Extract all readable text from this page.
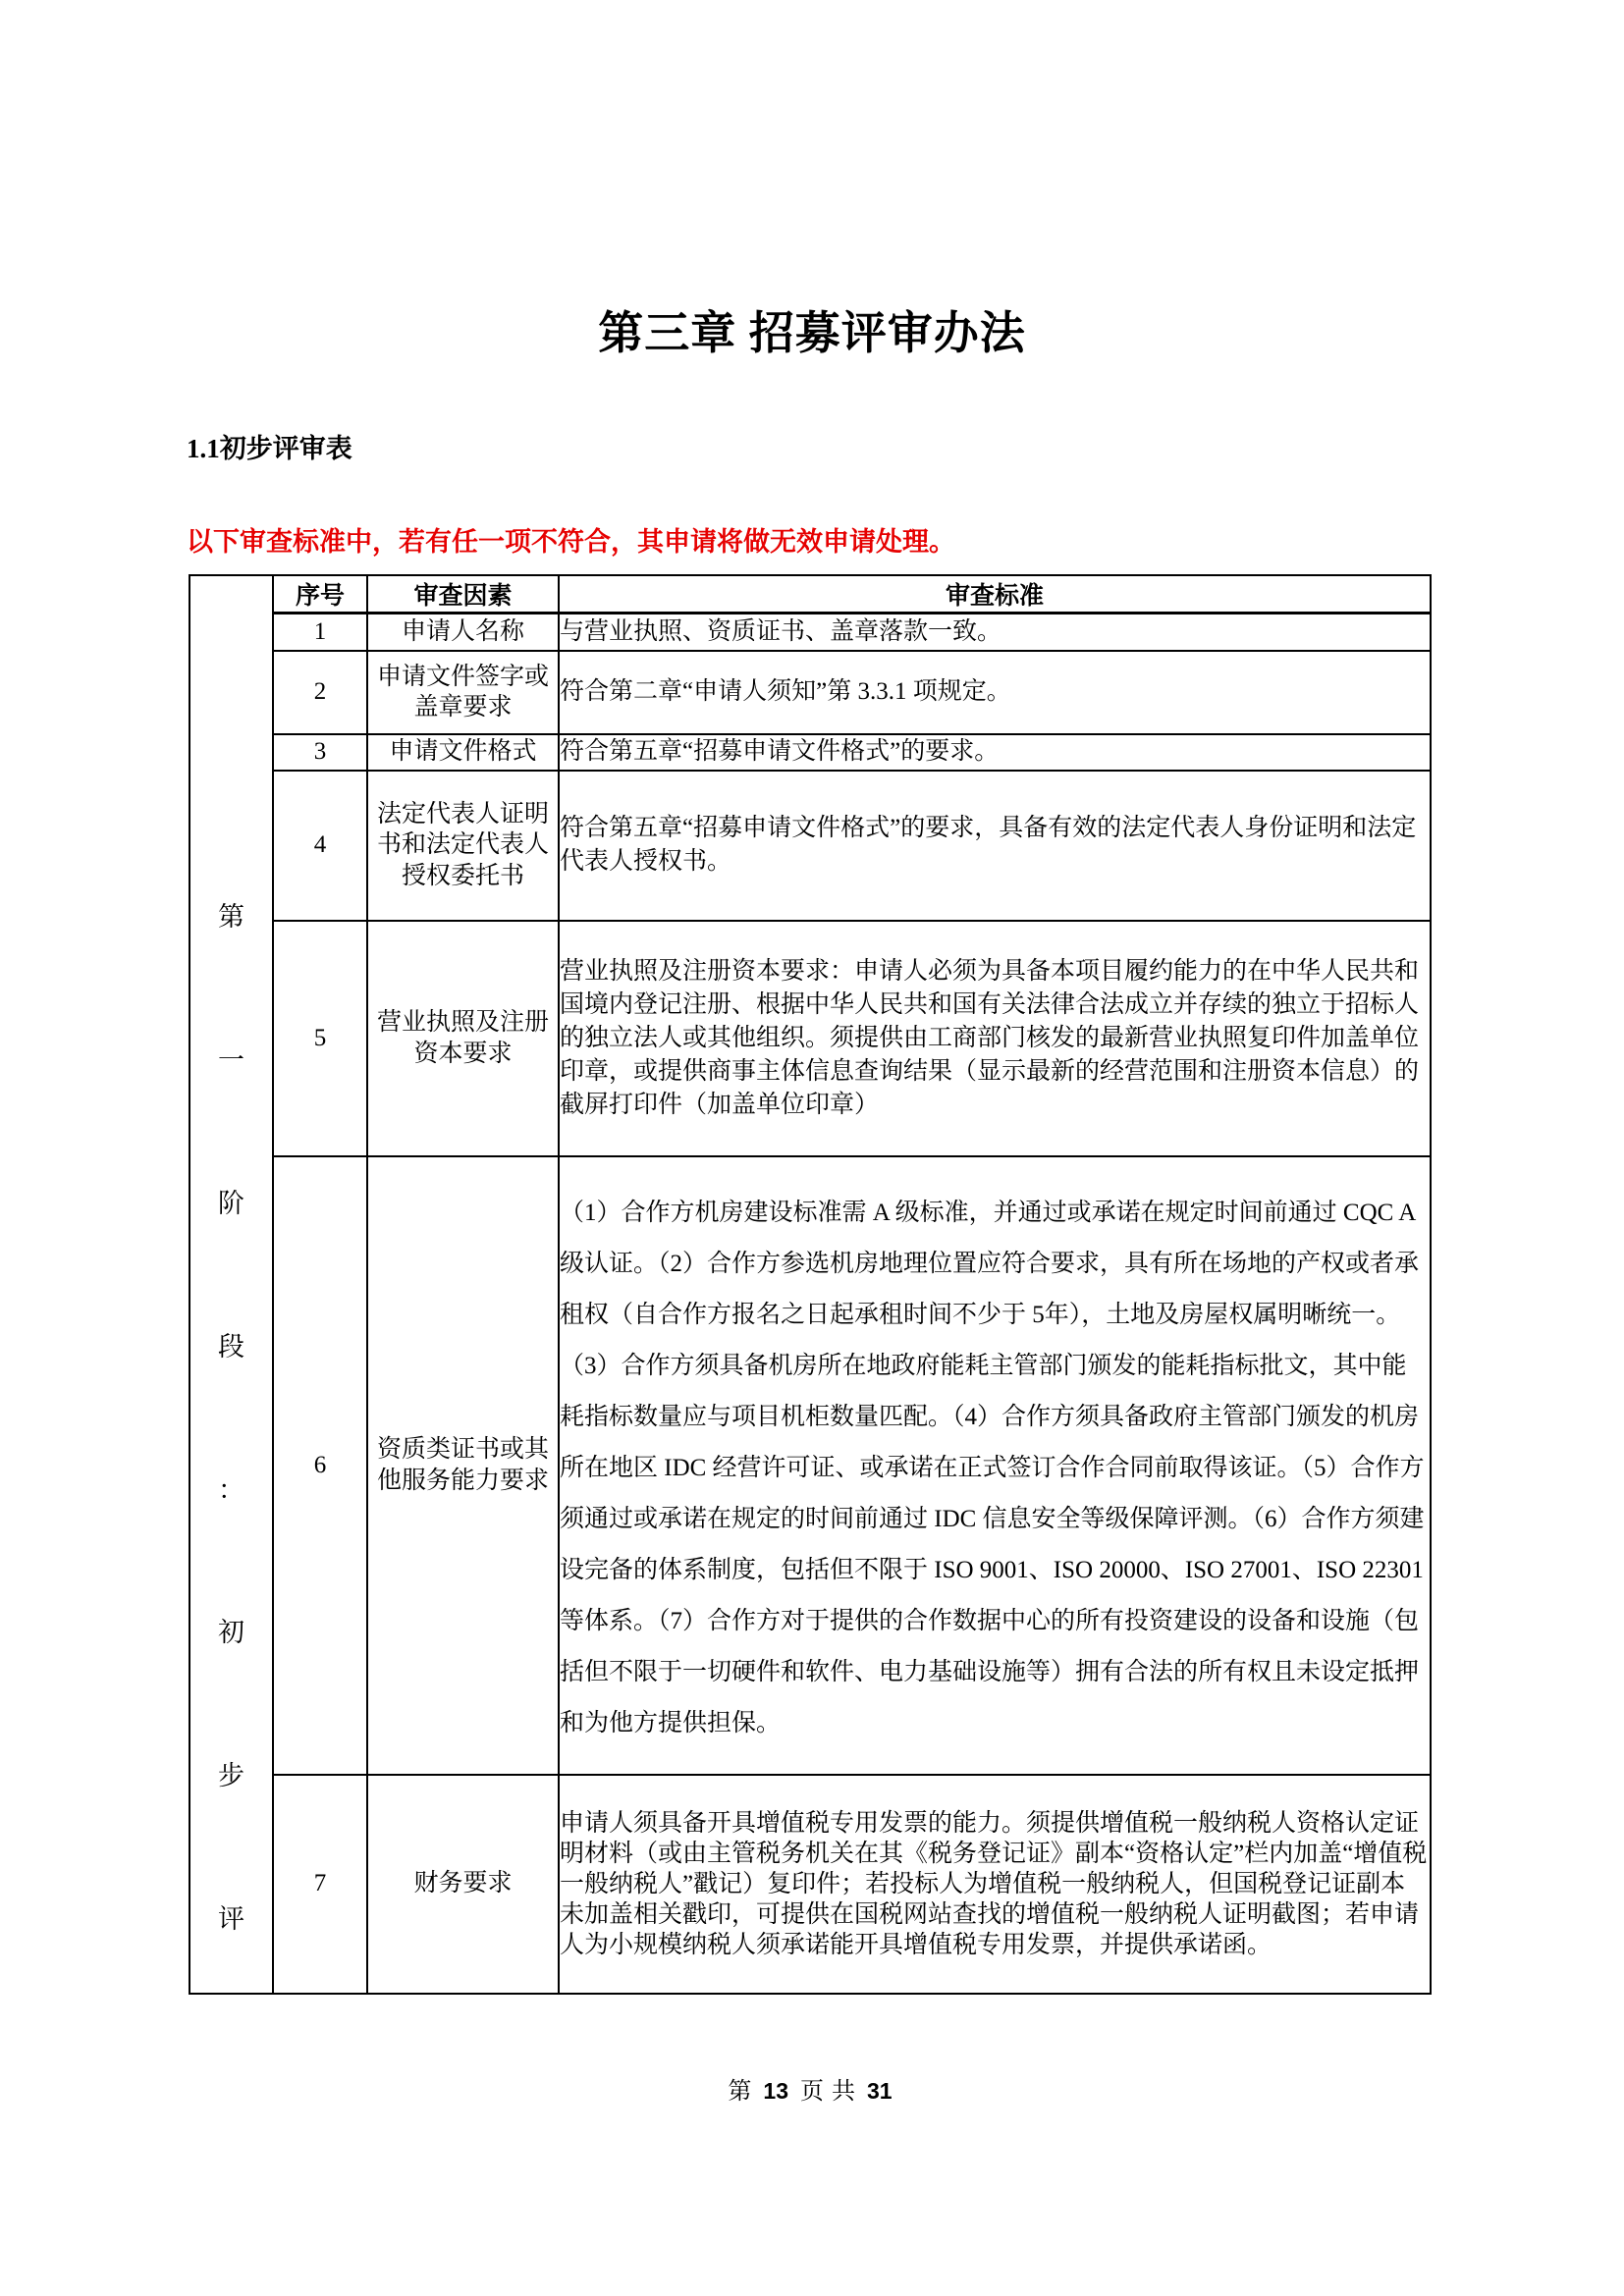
第三章 招募评审办法
1.1初步评审表

以下审查标准中，若有任一项不符合，其申请将做无效申请处理。

第
一
阶
段
：
初
步
评
	序号	审查因素	审查标准
	1	申请人名称	与营业执照、资质证书、盖章落款一致。
	2	申请文件签字或盖章要求	符合第二章“申请人须知”第 3.3.1 项规定。
	3	申请文件格式	符合第五章“招募申请文件格式”的要求。
	4	法定代表人证明书和法定代表人授权委托书	符合第五章“招募申请文件格式”的要求，具备有效的法定代表人身份证明和法定代表人授权书。
	5	营业执照及注册资本要求	营业执照及注册资本要求：申请人必须为具备本项目履约能力的在中华人民共和国境内登记注册、根据中华人民共和国有关法律合法成立并存续的独立于招标人的独立法人或其他组织。须提供由工商部门核发的最新营业执照复印件加盖单位印章，或提供商事主体信息查询结果（显示最新的经营范围和注册资本信息）的截屏打印件（加盖单位印章）
	6	资质类证书或其他服务能力要求	（1）合作方机房建设标准需 A 级标准，并通过或承诺在规定时间前通过 CQC A 级认证。（2）合作方参选机房地理位置应符合要求，具有所在场地的产权或者承租权（自合作方报名之日起承租时间不少于 5年），土地及房屋权属明晰统一。（3）合作方须具备机房所在地政府能耗主管部门颁发的能耗指标批文，其中能耗指标数量应与项目机柜数量匹配。（4）合作方须具备政府主管部门颁发的机房所在地区 IDC 经营许可证、或承诺在正式签订合作合同前取得该证。（5）合作方须通过或承诺在规定的时间前通过 IDC 信息安全等级保障评测。（6）合作方须建设完备的体系制度，包括但不限于 ISO 9001、ISO 20000、ISO 27001、ISO 22301 等体系。（7）合作方对于提供的合作数据中心的所有投资建设的设备和设施（包括但不限于一切硬件和软件、电力基础设施等）拥有合法的所有权且未设定抵押和为他方提供担保。
	7	财务要求	申请人须具备开具增值税专用发票的能力。须提供增值税一般纳税人资格认定证明材料（或由主管税务机关在其《税务登记证》副本“资格认定”栏内加盖“增值税一般纳税人”戳记）复印件；若投标人为增值税一般纳税人，但国税登记证副本未加盖相关戳印，可提供在国税网站查找的增值税一般纳税人证明截图；若申请人为小规模纳税人须承诺能开具增值税专用发票，并提供承诺函。
第 13 页 共 31
